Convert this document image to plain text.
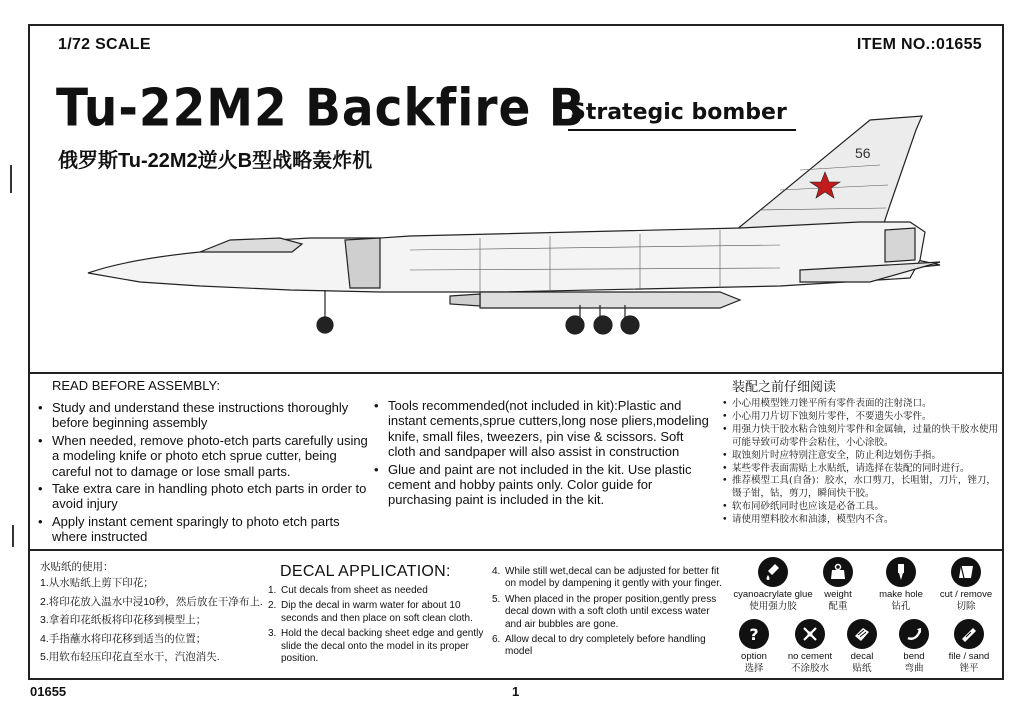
1/72 SCALE	ITEM NO.:01655
Tu-22M2 Backfire B
Strategic bomber
俄罗斯Tu-22M2逆火B型战略轰炸机	56
READ BEFORE ASSEMBLY:
• Study and understand these instructions thoroughly before beginning assembly
• When needed, remove photo-etch parts carefully using a modeling knife or photo etch sprue cutter, being careful not to damage or lose small parts.
• Take extra care in handling photo etch parts in order to avoid injury
• Apply instant cement sparingly to photo etch parts where instructed
• Tools recommended(not included in kit):Plastic and instant cements,sprue cutters,long nose pliers,modeling knife, small files, tweezers, pin vise & scissors. Soft cloth and sandpaper will also assist in construction
• Glue and paint are not included in the kit. Use plastic cement and hobby paints only. Color guide for purchasing paint is included in the kit.
装配之前仔细阅读
• 小心用模型锉刀锉平所有零件表面的注射浇口。
• 小心用刀片切下蚀刻片零件，不要遗失小零件。
• 用强力快干胶水粘合蚀刻片零件和金属轴，过量的快干胶水使用可能导致可动零件会粘住，小心涂胶。
• 取蚀刻片时应特别注意安全，防止利边划伤手指。
• 某些零件表面需贴上水贴纸，请选择在装配的同时进行。
• 推荐模型工具(自备)：胶水，水口剪刀，长咀钳，刀片，锉刀，镊子钳，钻，剪刀，瞬间快干胶。
• 软布同砂纸同时也应该是必备工具。
• 请使用塑料胶水和油漆，模型内不含。
水贴纸的使用：
1.从水贴纸上剪下印花；
2.将印花放入温水中浸10秒，然后放在干净布上.
3.拿着印花纸板将印花移到模型上；
4.手指蘸水将印花移到适当的位置；
5.用软布轻压印花直至水干，汽泡消失.
DECAL APPLICATION:
1. Cut decals from sheet as needed
2. Dip the decal in warm water for about 10 seconds and then place on soft clean cloth.
3. Hold the decal backing sheet edge and gently slide the decal onto the model in its proper position.
4. While still wet,decal can be adjusted for better fit on model by dampening it gently with your finger.
5. When placed in the proper position,gently press decal down with a soft cloth until excess water and air bubbles are gone.
6. Allow decal to dry completely before handling model
cyanoacrylate glue
使用强力胶
weight
配重
make hole
钻孔
cut / remove
切除
?
option
选择
no cement
不涂胶水
decal
贴纸
bend
弯曲
file / sand
锉平
01655	1
